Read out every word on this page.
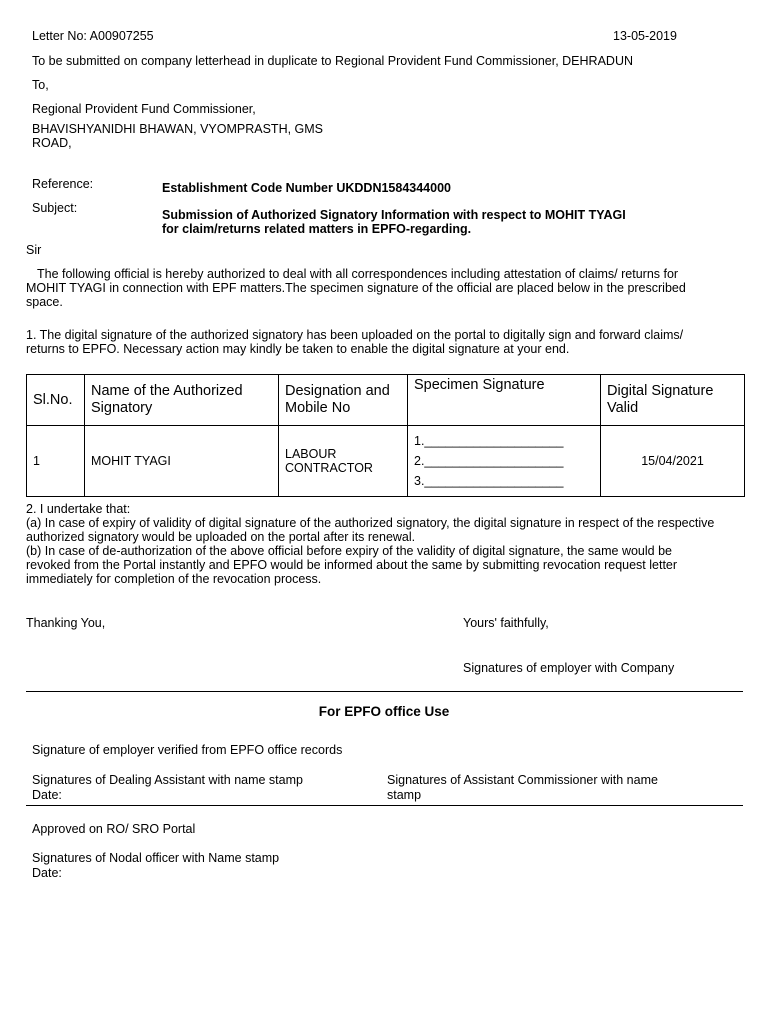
Letter No: A00907255	13-05-2019
To be submitted on company letterhead in duplicate to Regional Provident Fund Commissioner, DEHRADUN
To,
Regional Provident Fund Commissioner,
BHAVISHYANIDHI BHAWAN, VYOMPRASTH, GMS
ROAD,
Reference:	Establishment Code Number UKDDN1584344000
Subject:	Submission of Authorized Signatory Information with respect to MOHIT TYAGI
for claim/returns related matters in EPFO-regarding.
Sir
The following official is hereby authorized to deal with all correspondences including attestation of claims/ returns for
MOHIT TYAGI in connection with EPF matters.The specimen signature of the official are placed below in the prescribed
space.
1. The digital signature of the authorized signatory has been uploaded on the portal to digitally sign and forward claims/
returns to EPFO. Necessary action may kindly be taken to enable the digital signature at your end.
Sl.No.	Name of the Authorized Signatory	Designation and Mobile No	Specimen Signature	Digital Signature Valid
1	MOHIT TYAGI	LABOUR CONTRACTOR	1.____________________
2.____________________
3.____________________	15/04/2021
2. I undertake that:
(a) In case of expiry of validity of digital signature of the authorized signatory, the digital signature in respect of the respective
authorized signatory would be uploaded on the portal after its renewal.
(b) In case of de-authorization of the above official before expiry of the validity of digital signature, the same would be
revoked from the Portal instantly and EPFO would be informed about the same by submitting revocation request letter
immediately for completion of the revocation process.
Thanking You,	Yours' faithfully,
Signatures of employer with Company
For EPFO office Use
Signature of employer verified from EPFO office records
Signatures of Dealing Assistant with name stamp
Date:
Signatures of Assistant Commissioner with name
stamp
Approved on RO/ SRO Portal
Signatures of Nodal officer with Name stamp
Date:
